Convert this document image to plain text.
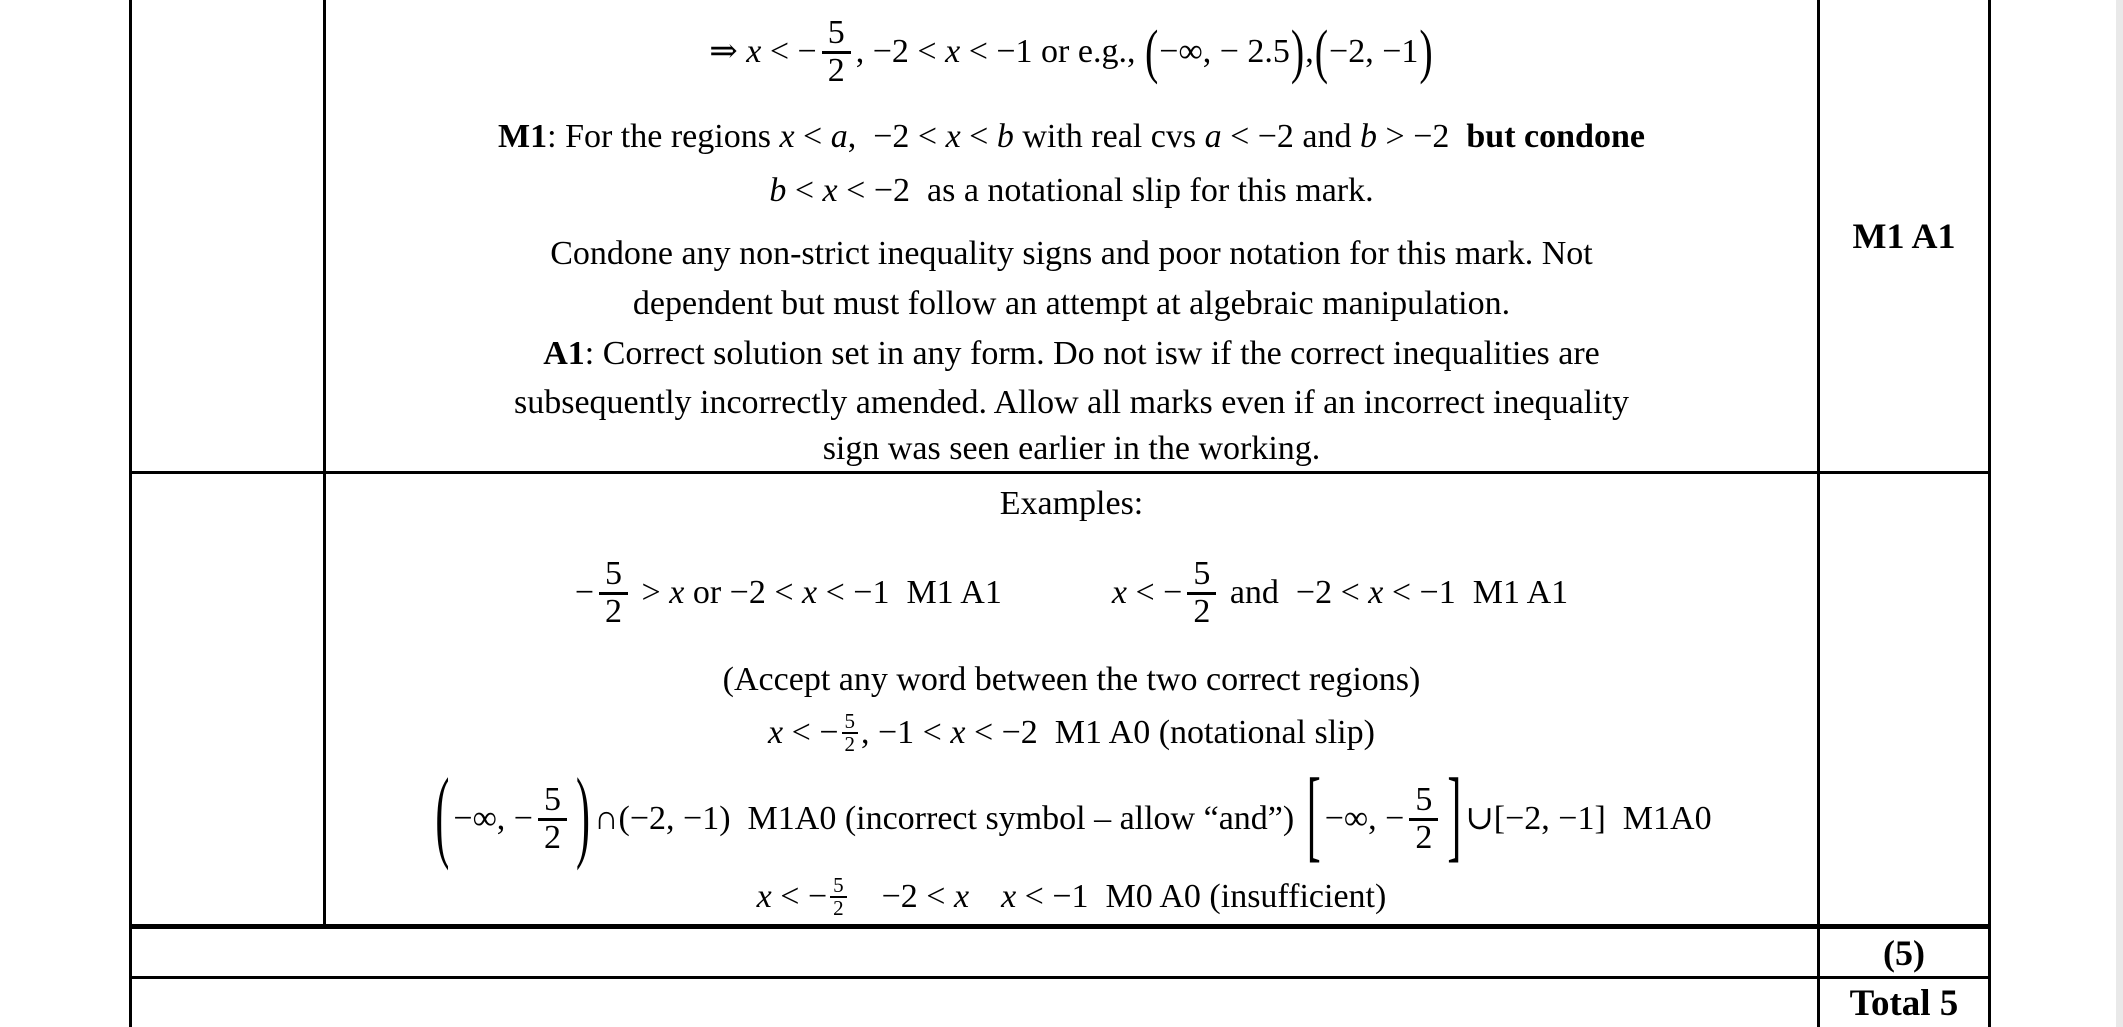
⇒ x < − $\frac{5}{2}$ , −2 < x < −1 or e.g., ( −∞, − 2.5 ) , ( −2, −1 )
M1 : For the regions x < a ,  −2 < x < b with real cvs a < −2 and b > −2 but condone
b < x < −2  as a notational slip for this mark.
Condone any non-strict inequality signs and poor notation for this mark. Not
dependent but must follow an attempt at algebraic manipulation.
A1 : Correct solution set in any form. Do not isw if the correct inequalities are
subsequently incorrectly amended. Allow all marks even if an incorrect inequality
sign was seen earlier in the working.
Examples:
− $\frac{5}{2} > x$ or −2 < x < −1  M1 A1	x < − $\frac{5}{2}$ and  −2 < x < −1  M1 A1
(Accept any word between the two correct regions)
x < − $\frac{5}{2}$ , −1 < x < −2  M1 A0 (notational slip)
( −∞, − $\frac{5}{2}$ ) ∩(−2, −1)  M1A0 (incorrect symbol – allow “and”) [ −∞, − $\frac{5}{2}$ ] ∪[−2, −1]  M1A0
x < − $\frac{5}{2} -2 < x$ x < −1  M0 A0 (insufficient)
M1 A1
(5)
Total 5
